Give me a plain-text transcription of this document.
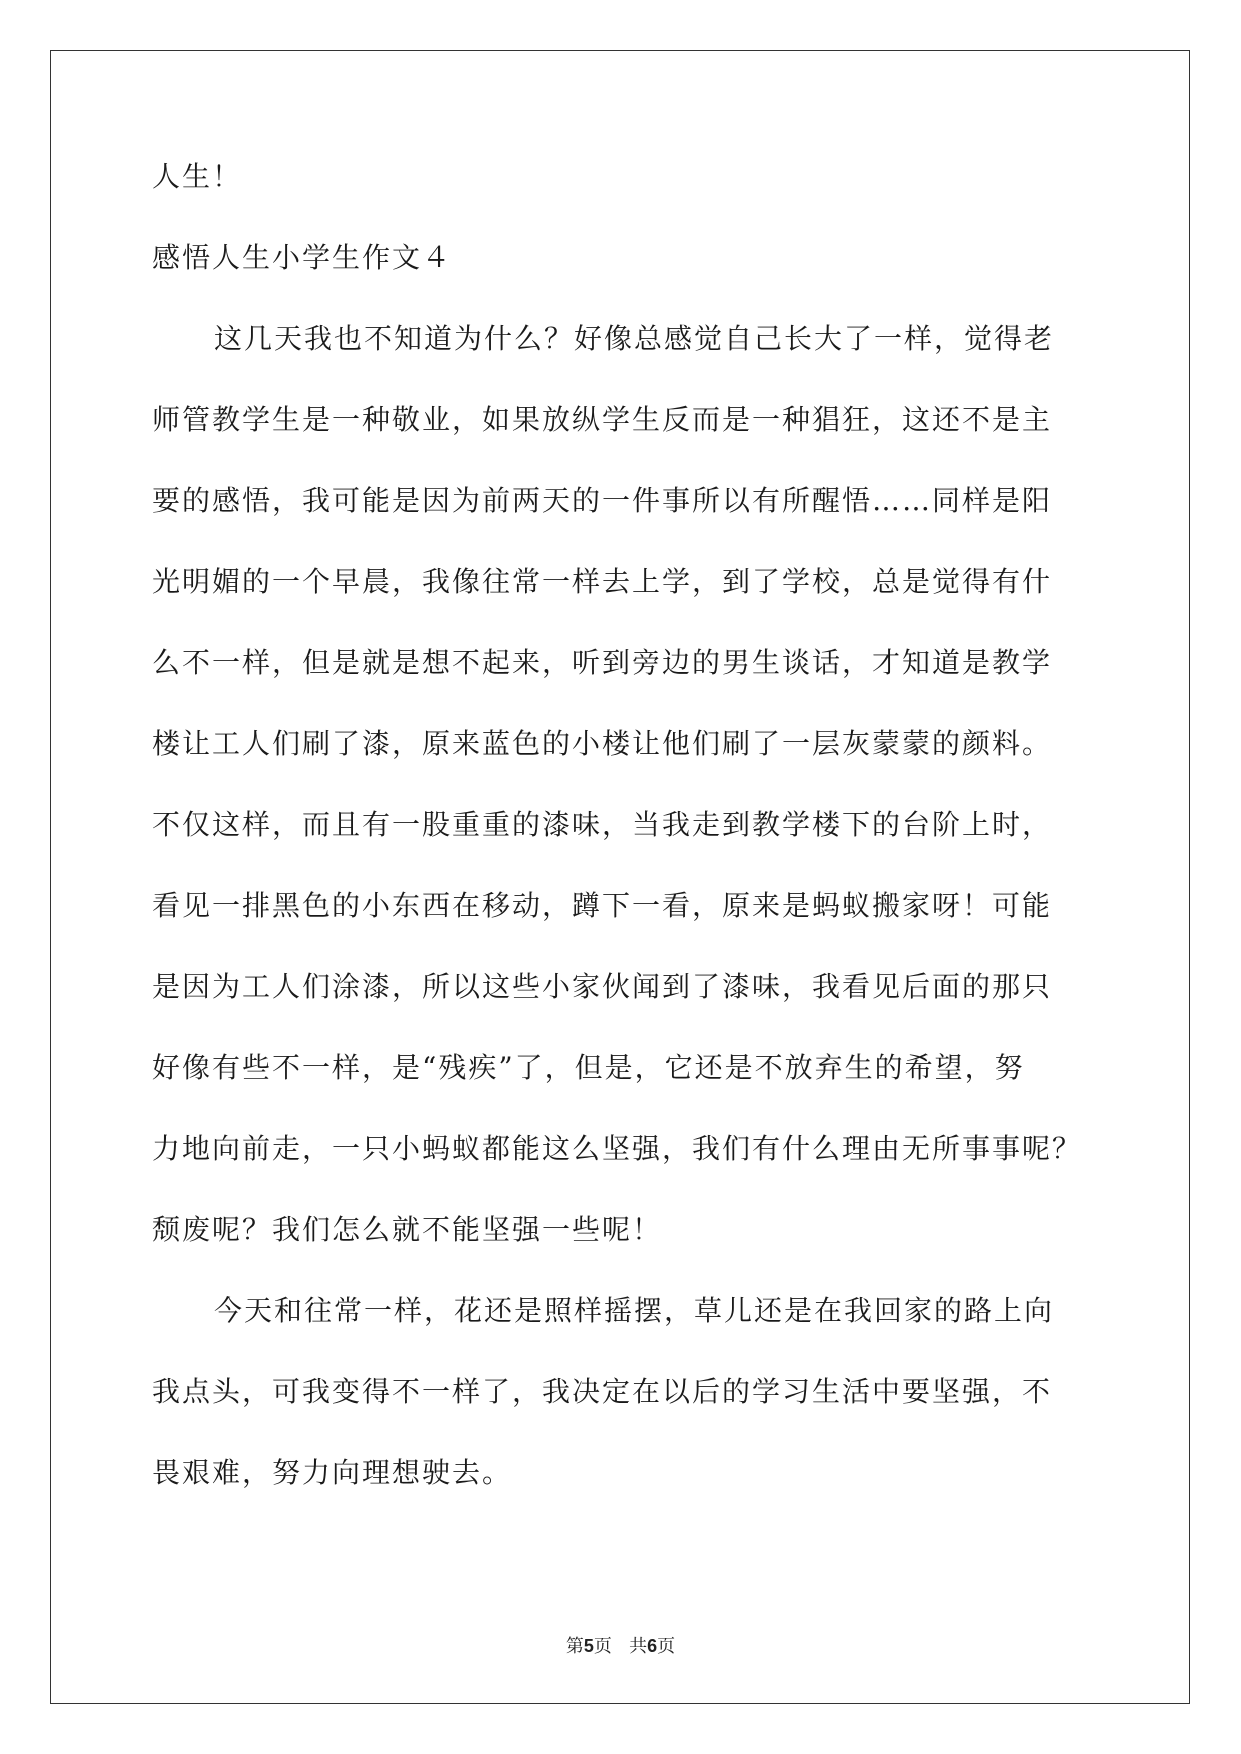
人生！
感悟人生小学生作文４
这几天我也不知道为什么？好像总感觉自己长大了一样，觉得老
师管教学生是一种敬业，如果放纵学生反而是一种猖狂，这还不是主
要的感悟，我可能是因为前两天的一件事所以有所醒悟……同样是阳
光明媚的一个早晨，我像往常一样去上学，到了学校，总是觉得有什
么不一样，但是就是想不起来，听到旁边的男生谈话，才知道是教学
楼让工人们刷了漆，原来蓝色的小楼让他们刷了一层灰蒙蒙的颜料。
不仅这样，而且有一股重重的漆味，当我走到教学楼下的台阶上时，
看见一排黑色的小东西在移动，蹲下一看，原来是蚂蚁搬家呀！可能
是因为工人们涂漆，所以这些小家伙闻到了漆味，我看见后面的那只
好像有些不一样，是“残疾”了，但是，它还是不放弃生的希望，努
力地向前走，一只小蚂蚁都能这么坚强，我们有什么理由无所事事呢？
颓废呢？我们怎么就不能坚强一些呢！
今天和往常一样，花还是照样摇摆，草儿还是在我回家的路上向
我点头，可我变得不一样了，我决定在以后的学习生活中要坚强，不
畏艰难，努力向理想驶去。
第5页 共6页
